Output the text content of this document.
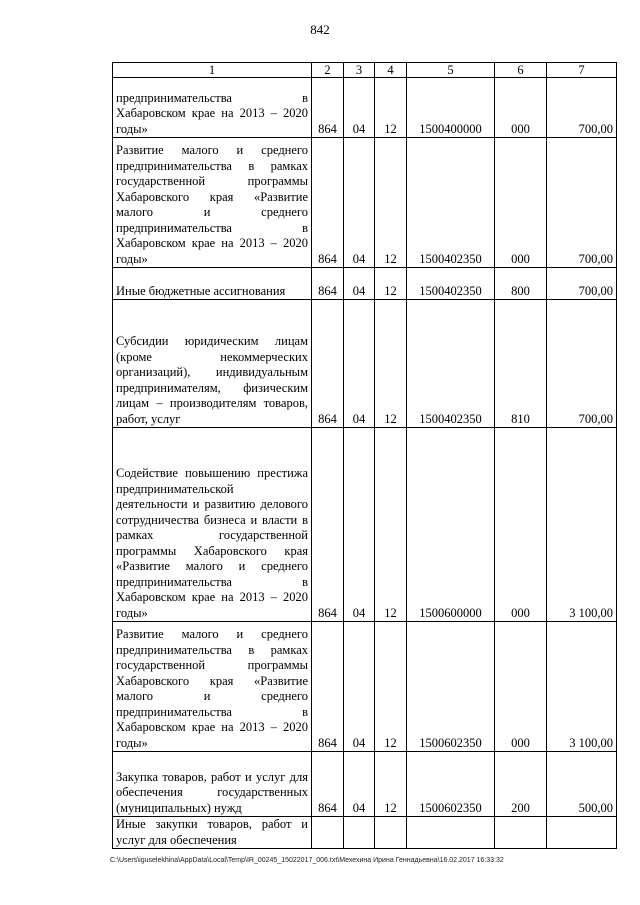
842
1	2	3	4	5	6	7
предпринимательства в Хабаровском крае на 2013 – 2020 годы»	864	04	12	1500400000	000	700,00
Развитие малого и среднего предпринимательства в рамках государственной программы Хабаровского края «Развитие малого и среднего предпринимательства в Хабаровском крае на 2013 – 2020 годы»	864	04	12	1500402350	000	700,00
Иные бюджетные ассигнования	864	04	12	1500402350	800	700,00
Субсидии юридическим лицам (кроме некоммерческих организаций), индивидуальным предпринимателям, физическим лицам – производителям товаров, работ, услуг	864	04	12	1500402350	810	700,00
Содействие повышению престижа предпринимательской деятельности и развитию делового сотрудничества бизнеса и власти в рамках государственной программы Хабаровского края «Развитие малого и среднего предпринимательства в Хабаровском крае на 2013 – 2020 годы»	864	04	12	1500600000	000	3 100,00
Развитие малого и среднего предпринимательства в рамках государственной программы Хабаровского края «Развитие малого и среднего предпринимательства в Хабаровском крае на 2013 – 2020 годы»	864	04	12	1500602350	000	3 100,00
Закупка товаров, работ и услуг для обеспечения государственных (муниципальных) нужд	864	04	12	1500602350	200	500,00
Иные закупки товаров, работ и услуг для обеспечения						
C:\Users\iguselekhina\AppData\Local\Temp\IR_00245_15022017_006.txt\Мехехина Ирина Геннадьевна\16.02.2017 16:33:32
